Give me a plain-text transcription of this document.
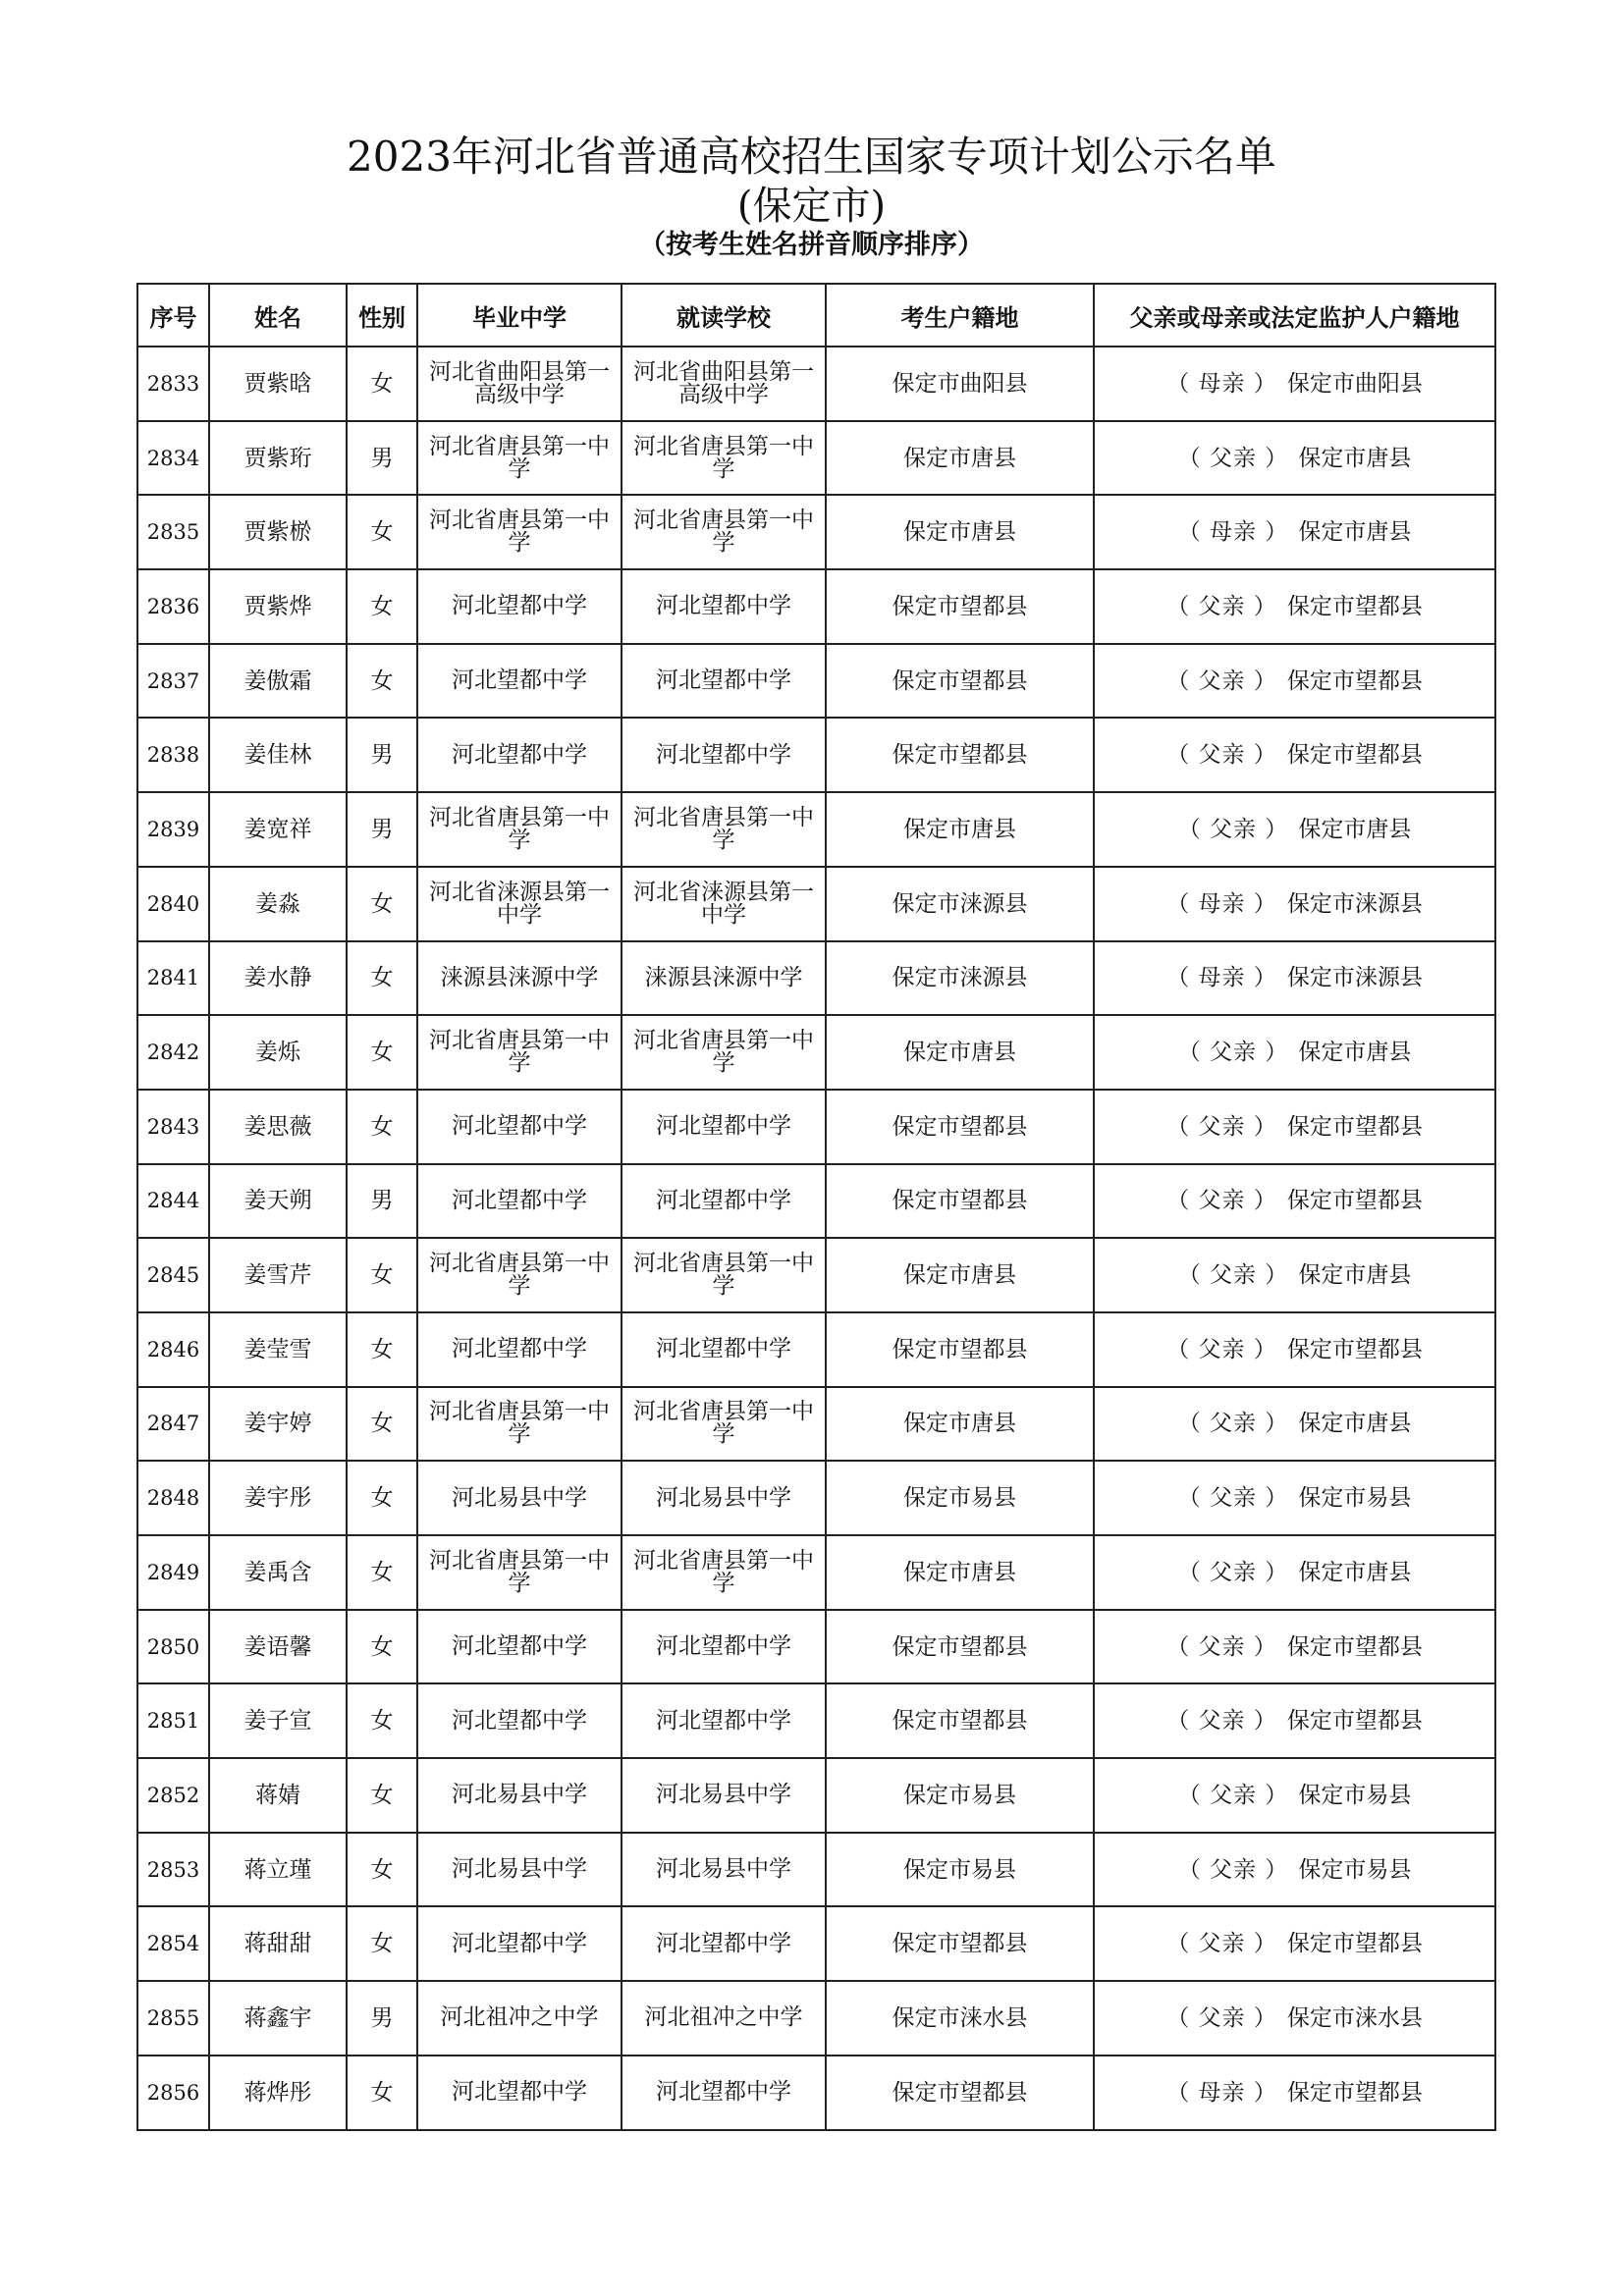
2023年河北省普通高校招生国家专项计划公示名单
(保定市)
（按考生姓名拼音顺序排序）
序号	姓名	性别	毕业中学	就读学校	考生户籍地	父亲或母亲或法定监护人户籍地
2833	贾紫晗	女	河北省曲阳县第一高级中学	河北省曲阳县第一高级中学	保定市曲阳县	（ 母亲 ） 保定市曲阳县
2834	贾紫珩	男	河北省唐县第一中学	河北省唐县第一中学	保定市唐县	（ 父亲 ） 保定市唐县
2835	贾紫棜	女	河北省唐县第一中学	河北省唐县第一中学	保定市唐县	（ 母亲 ） 保定市唐县
2836	贾紫烨	女	河北望都中学	河北望都中学	保定市望都县	（ 父亲 ） 保定市望都县
2837	姜傲霜	女	河北望都中学	河北望都中学	保定市望都县	（ 父亲 ） 保定市望都县
2838	姜佳林	男	河北望都中学	河北望都中学	保定市望都县	（ 父亲 ） 保定市望都县
2839	姜宽祥	男	河北省唐县第一中学	河北省唐县第一中学	保定市唐县	（ 父亲 ） 保定市唐县
2840	姜淼	女	河北省涞源县第一中学	河北省涞源县第一中学	保定市涞源县	（ 母亲 ） 保定市涞源县
2841	姜水静	女	涞源县涞源中学	涞源县涞源中学	保定市涞源县	（ 母亲 ） 保定市涞源县
2842	姜烁	女	河北省唐县第一中学	河北省唐县第一中学	保定市唐县	（ 父亲 ） 保定市唐县
2843	姜思薇	女	河北望都中学	河北望都中学	保定市望都县	（ 父亲 ） 保定市望都县
2844	姜天朔	男	河北望都中学	河北望都中学	保定市望都县	（ 父亲 ） 保定市望都县
2845	姜雪芹	女	河北省唐县第一中学	河北省唐县第一中学	保定市唐县	（ 父亲 ） 保定市唐县
2846	姜莹雪	女	河北望都中学	河北望都中学	保定市望都县	（ 父亲 ） 保定市望都县
2847	姜宇婷	女	河北省唐县第一中学	河北省唐县第一中学	保定市唐县	（ 父亲 ） 保定市唐县
2848	姜宇彤	女	河北易县中学	河北易县中学	保定市易县	（ 父亲 ） 保定市易县
2849	姜禹含	女	河北省唐县第一中学	河北省唐县第一中学	保定市唐县	（ 父亲 ） 保定市唐县
2850	姜语馨	女	河北望都中学	河北望都中学	保定市望都县	（ 父亲 ） 保定市望都县
2851	姜子宣	女	河北望都中学	河北望都中学	保定市望都县	（ 父亲 ） 保定市望都县
2852	蒋婧	女	河北易县中学	河北易县中学	保定市易县	（ 父亲 ） 保定市易县
2853	蒋立瑾	女	河北易县中学	河北易县中学	保定市易县	（ 父亲 ） 保定市易县
2854	蒋甜甜	女	河北望都中学	河北望都中学	保定市望都县	（ 父亲 ） 保定市望都县
2855	蒋鑫宇	男	河北祖冲之中学	河北祖冲之中学	保定市涞水县	（ 父亲 ） 保定市涞水县
2856	蒋烨彤	女	河北望都中学	河北望都中学	保定市望都县	（ 母亲 ） 保定市望都县
